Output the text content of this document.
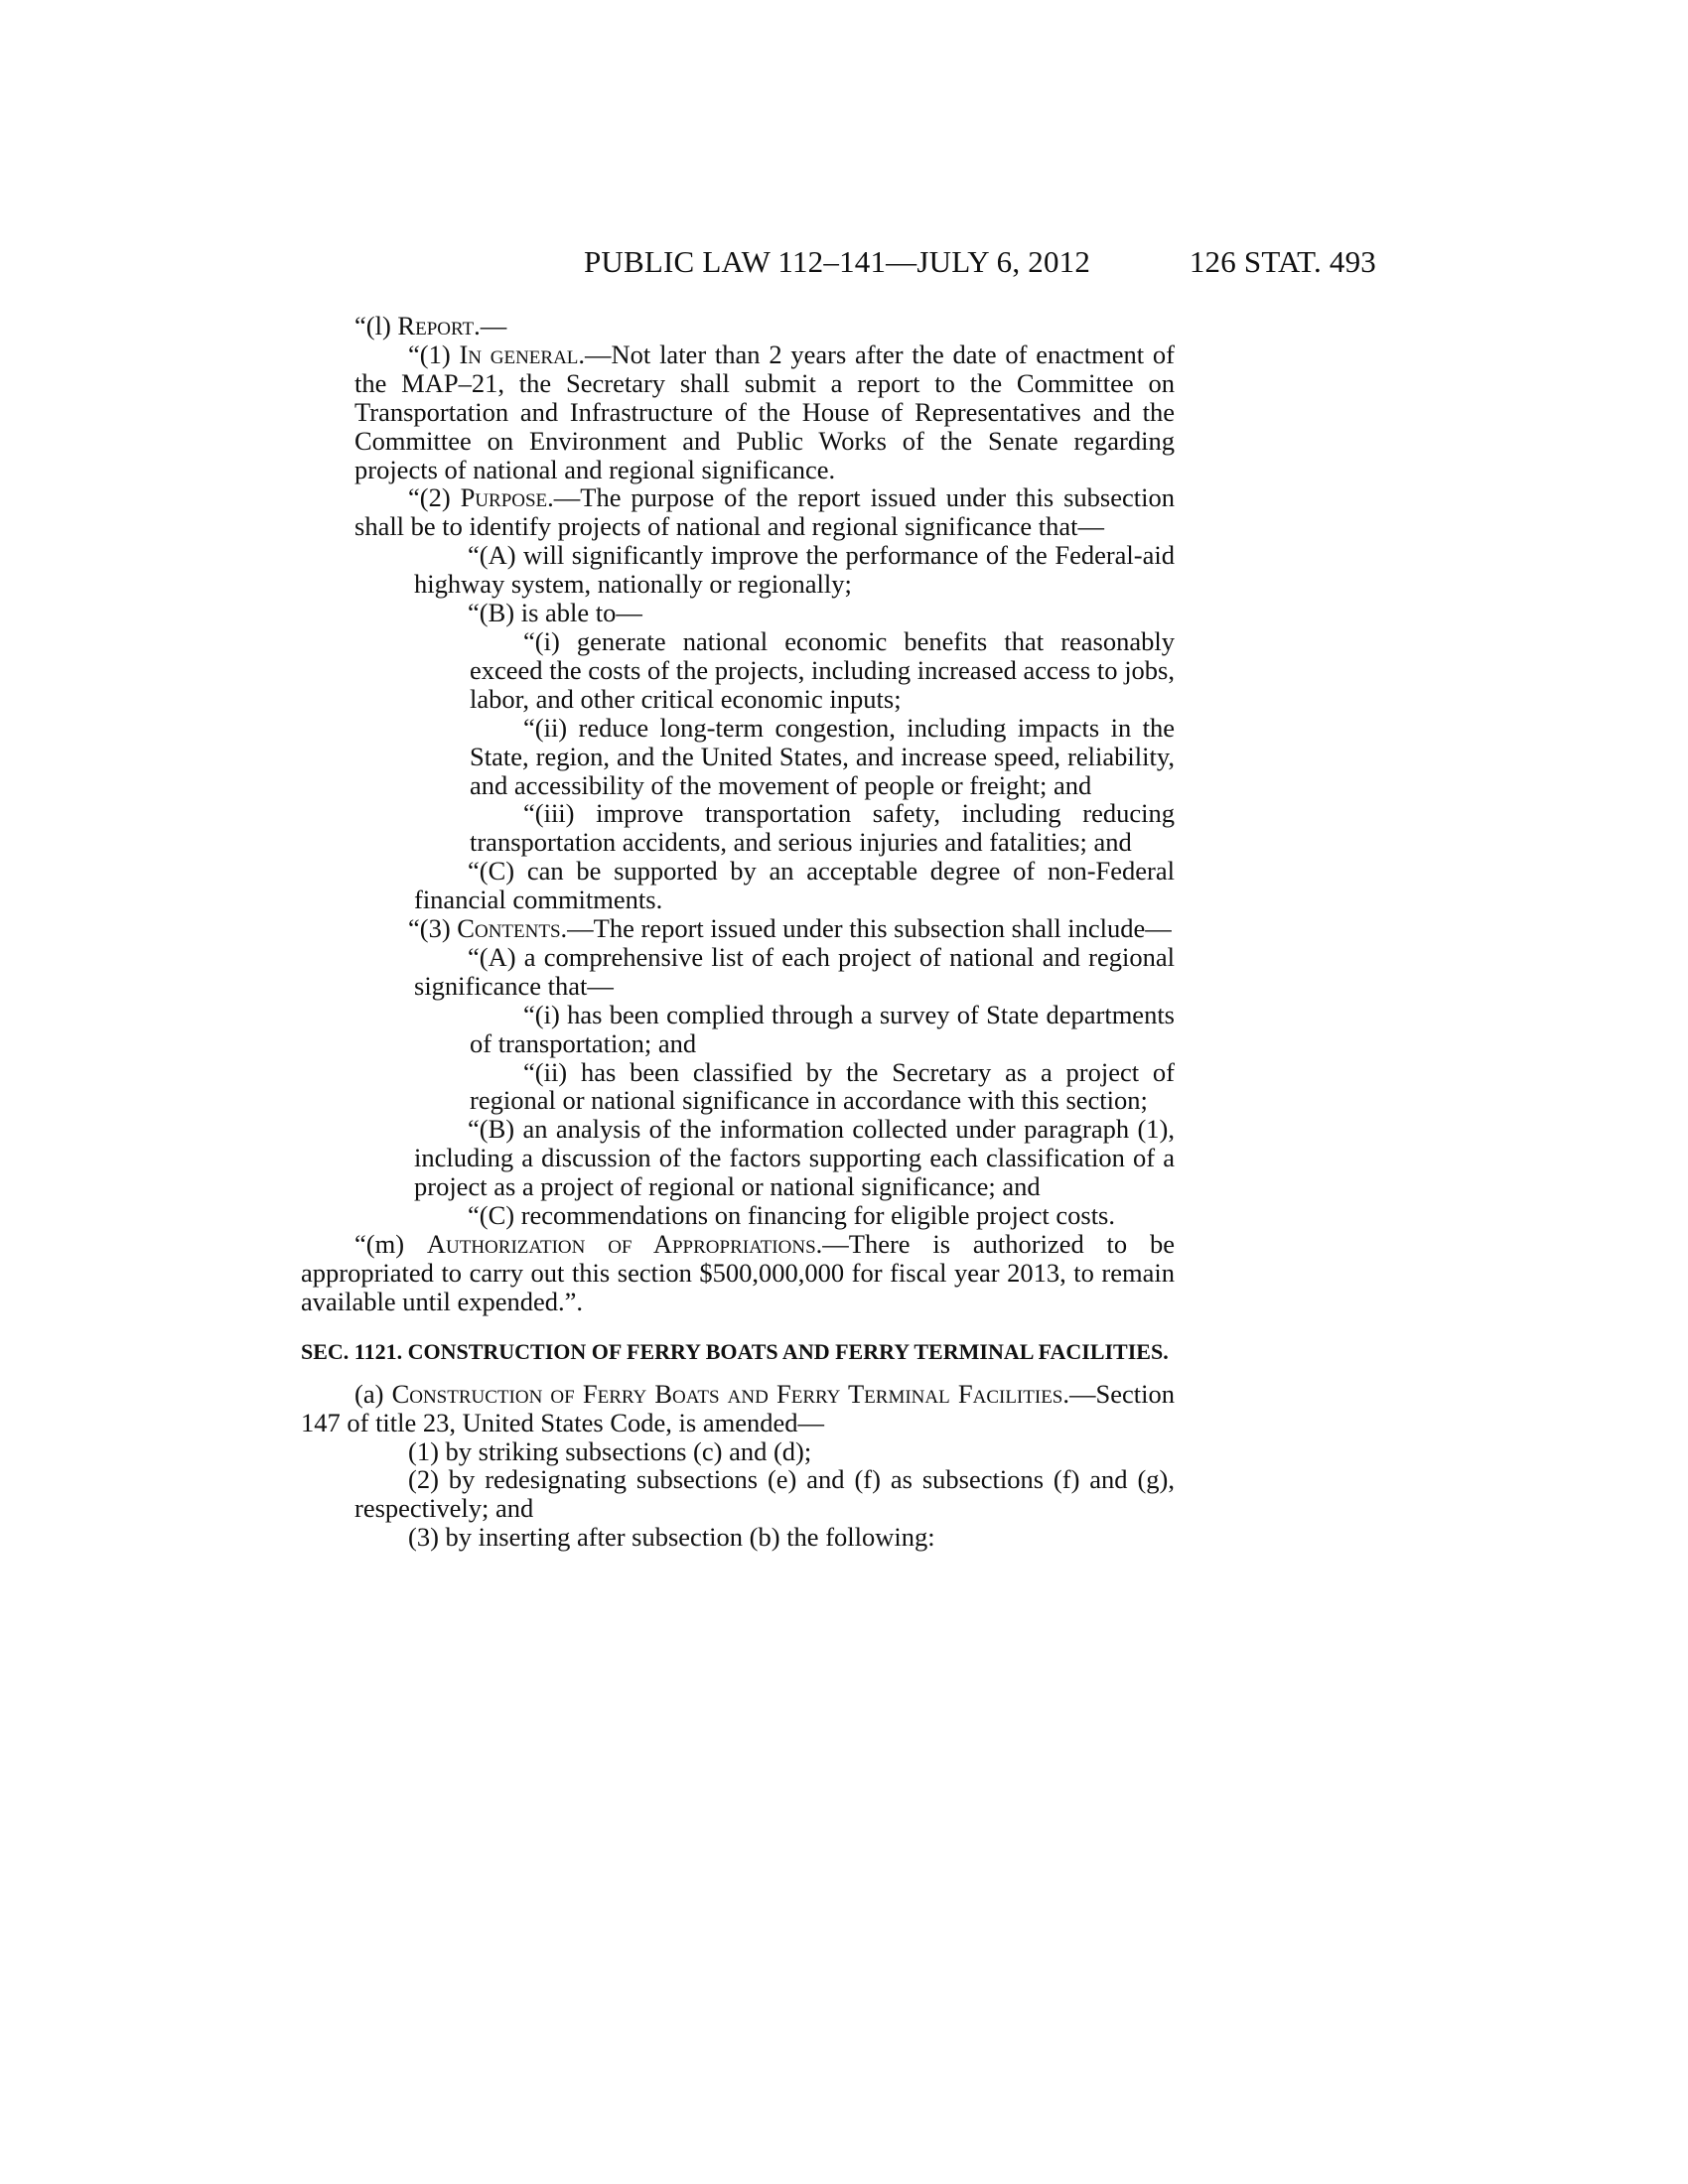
PUBLIC LAW 112–141—JULY 6, 2012	126 STAT. 493

“(l) Report.—

“(1) In general.—Not later than 2 years after the date of enactment of the MAP–21, the Secretary shall submit a report to the Committee on Transportation and Infrastructure of the House of Representatives and the Committee on Environment and Public Works of the Senate regarding projects of national and regional significance.

“(2) Purpose.—The purpose of the report issued under this subsection shall be to identify projects of national and regional significance that—

“(A) will significantly improve the performance of the Federal-aid highway system, nationally or regionally;

“(B) is able to—

“(i) generate national economic benefits that reasonably exceed the costs of the projects, including increased access to jobs, labor, and other critical economic inputs;

“(ii) reduce long-term congestion, including impacts in the State, region, and the United States, and increase speed, reliability, and accessibility of the movement of people or freight; and

“(iii) improve transportation safety, including reducing transportation accidents, and serious injuries and fatalities; and

“(C) can be supported by an acceptable degree of non-Federal financial commitments.

“(3) Contents.—The report issued under this subsection shall include—

“(A) a comprehensive list of each project of national and regional significance that—

“(i) has been complied through a survey of State departments of transportation; and

“(ii) has been classified by the Secretary as a project of regional or national significance in accordance with this section;

“(B) an analysis of the information collected under paragraph (1), including a discussion of the factors supporting each classification of a project as a project of regional or national significance; and

“(C) recommendations on financing for eligible project costs.

“(m) Authorization of Appropriations.—There is authorized to be appropriated to carry out this section $500,000,000 for fiscal year 2013, to remain available until expended.”.

SEC. 1121. CONSTRUCTION OF FERRY BOATS AND FERRY TERMINAL FACILITIES.

(a) Construction of Ferry Boats and Ferry Terminal Facilities.—Section 147 of title 23, United States Code, is amended—

(1) by striking subsections (c) and (d);

(2) by redesignating subsections (e) and (f) as subsections (f) and (g), respectively; and

(3) by inserting after subsection (b) the following:
